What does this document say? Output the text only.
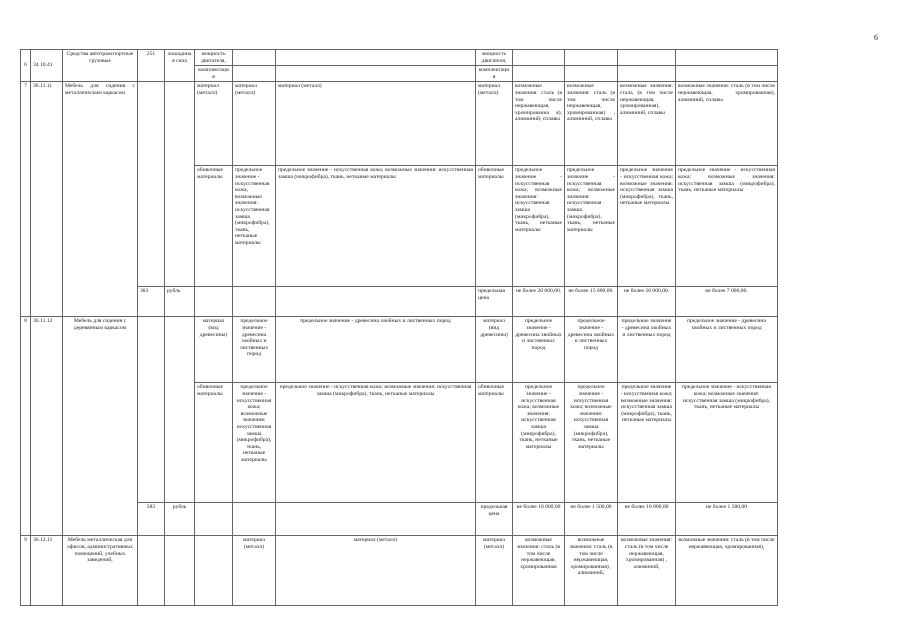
6
6	34.10.41	Средства автотранспортные грузовые	251	лошадиная сила	мощность двигателя,			мощность двигателя,				
					комплектация			комплектация				
7	36.11.11	Мебель для сидения с металлическим каркасом			материал (металл)	материал (металл)	материал (металл)	материал (металл)	возможные значения: сталь (в том числе нержавеющая, хромированна я), алюминий, сплавы	возможные значения: сталь (в том числе нержавеющая, хромированная) , алюминий, сплавы	возможные значения: сталь (в том числе нержавеющая, хромированная), алюминий, сплавы	возможные значения: сталь (в том числе нержавеющая, хромированная), алюминий, сплавы
					обивочные материалы	предельное значение - искусственная кожа, возможные значения: искусственная замша (микрофибра), ткань, нетканые материалы	предельное значение - искусственная кожа; возможные значения: искусственная замша (микрофибра), ткань, нетканые материалы	обивочные материалы	предельное значение - искусственная кожа; возможные значения: искусственная замша (микрофибра), ткань, нетканые материалы	предельное значение - искусственная кожа; возможные значения: искусственная замша (микрофибра), ткань, нетканые материалы	предельное значение - искусственная кожа; возможные значения: искусственная замша (микрофибра), ткань, нетканые материалы	предельное значение - искусственная кожа; возможные значения: искусственная замша (микрофибра), ткань, нетканые материалы
			383	рубль				предельная цена	не более 20 000,00.	не более 15 000,00.	не более 20 000,00.	не более 7 000,00.
8	36.11.12	Мебель для сидения с деревянным каркасом			материал (вид древесины)	предельное значение - древесина хвойных и лиственных пород	предельное значение - древесина хвойных и лиственных пород	материал (вид древесины)	предельное значение - древесина хвойных и лиственных пород	предельное значение - древесина хвойных и лиственных пород	предельное значение - древесина хвойных и лиственных пород	предельное значение - древесина хвойных и лиственных пород
					обивочные материалы	предельное значение - искусственная кожа; возможные значения: искусственная замша (микрофибра), ткань, нетканые материалы	предельное значение - искусственная кожа; возможные значения: искусственная замша (микрофибра), ткань, нетканые материалы	обивочные материалы	предельное значение - искусственная кожа; возможные значения: искусственная замша (микрофибра), ткань, нетканые материалы	предельное значение - искусственная кожа; возможные значения: искусственная замша (микрофибра), ткань, нетканые материалы	предельное значение - искусственная кожа; возможные значения: искусственная замша (микрофибра), ткань, нетканые материалы	предельное значение - искусственная кожа; возможные значения: искусственная замша (микрофибра), ткань, нетканые материалы
			383	рубль				предельная цена	не более 10 000,00	не более 1 500,00	не более 10 000,00	не более 1 500,00
9	36.12.11	Мебель металлическая для офисов, административных помещений, учебных заведений,				материал (металл)	материал (металл)	материал (металл)	возможные значения: сталь (в том числе нержавеющая, хромированная	возможные значения: сталь (в том числе нержавеющая, хромированная) , алюминий,	возможные значения: сталь (в том числе нержавеющая, хромированная) , алюминий,	возможные значения: сталь (в том числе нержавеющая, хромированная),
